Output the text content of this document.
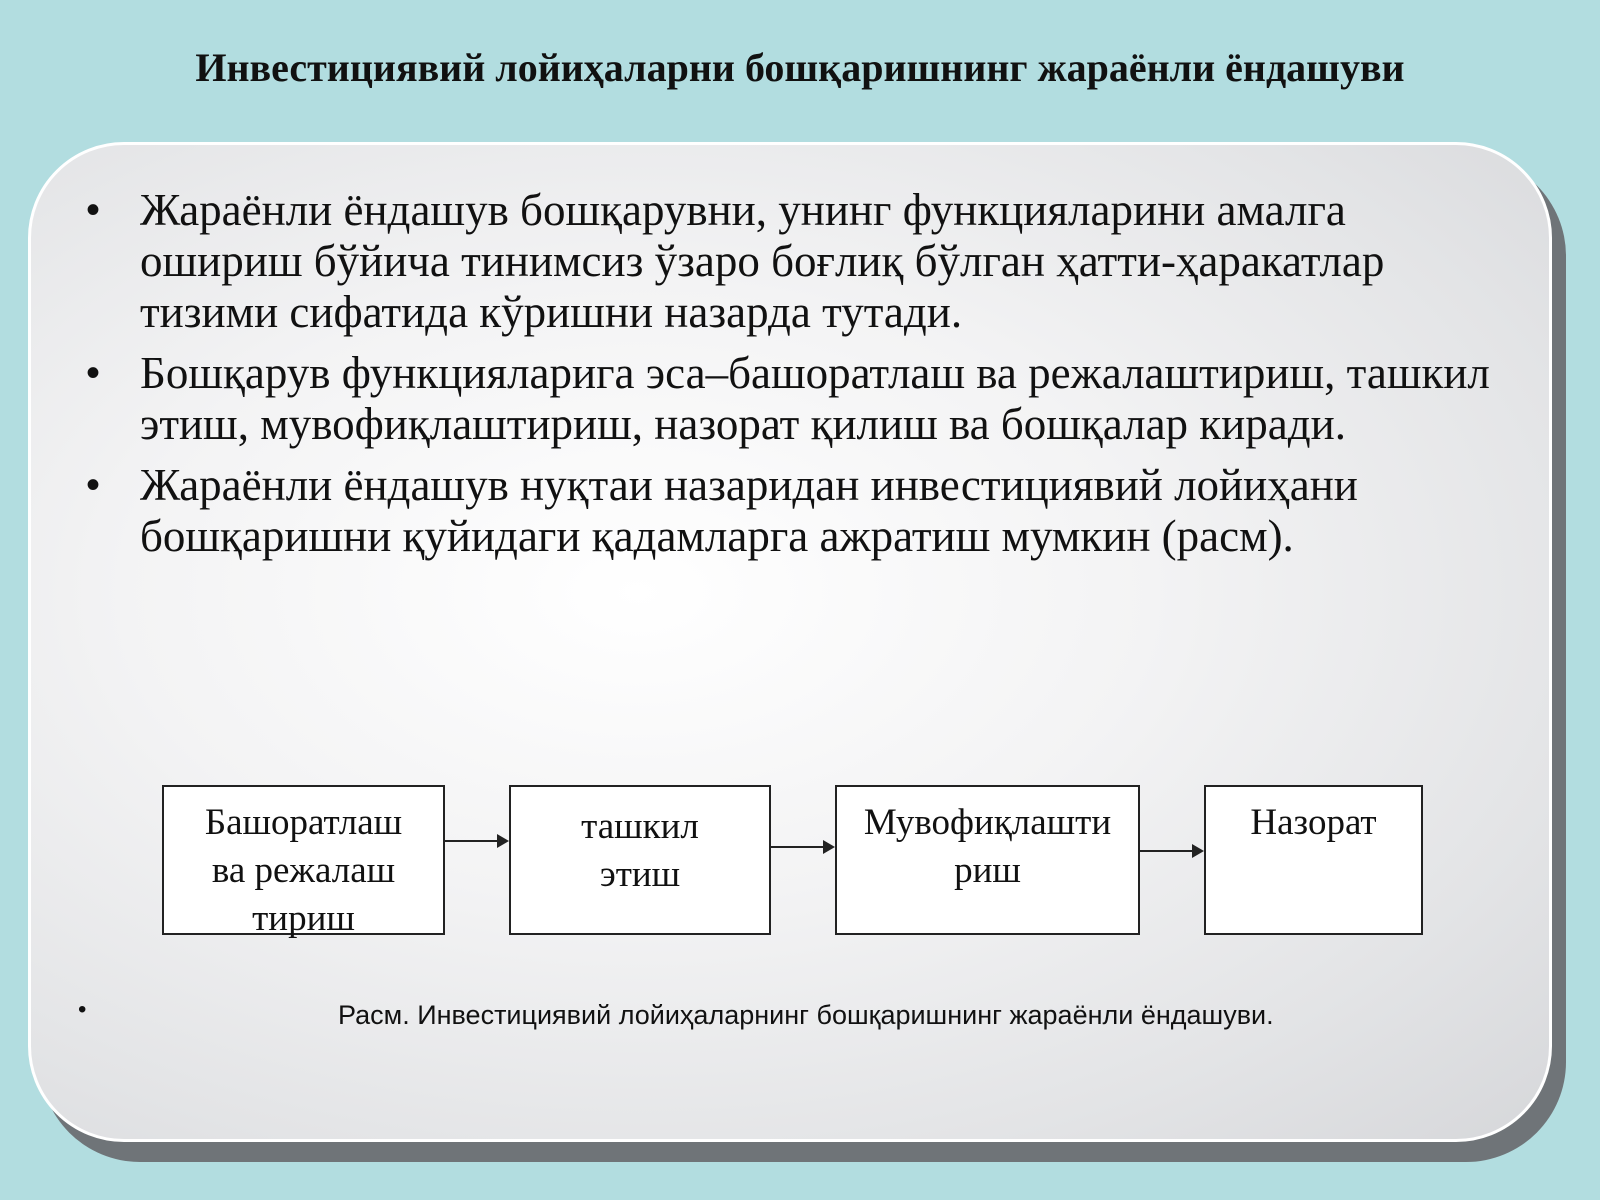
Инвестициявий лойиҳаларни бошқаришнинг жараёнли ёндашуви
• Жараёнли ёндашув бошқарувни, унинг функцияларини амалга ошириш бўйича тинимсиз ўзаро боғлиқ бўлган ҳатти-ҳаракатлар тизими сифатида кўришни назарда тутади.
• Бошқарув функцияларига эса–башоратлаш ва режалаштириш, ташкил этиш, мувофиқлаштириш, назорат қилиш ва бошқалар киради.
• Жараёнли ёндашув нуқтаи назаридан инвестициявий лойиҳани бошқаришни қуйидаги қадамларга ажратиш мумкин (расм).
Башоратлаш
ва режалаш
тириш
ташкил
этиш
Мувофиқлашти
риш
Назорат
•	Расм. Инвестициявий лойиҳаларнинг бошқаришнинг жараёнли ёндашуви.
